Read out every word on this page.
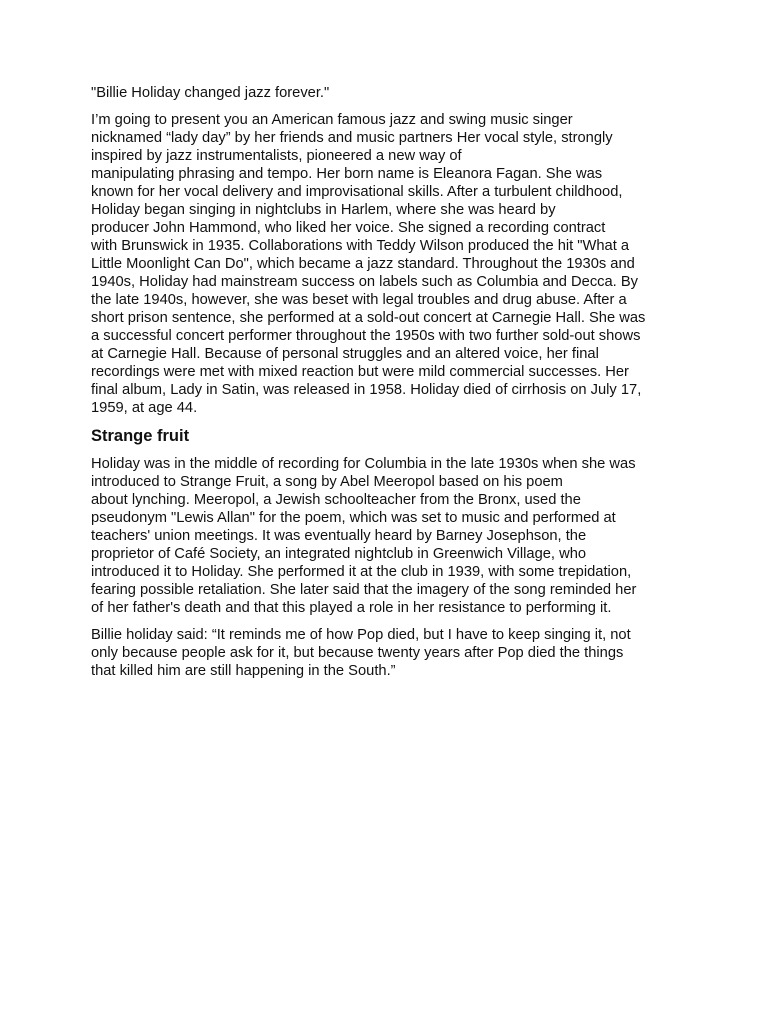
"Billie Holiday changed jazz forever."

I’m going to present you an American famous jazz and swing music singer
nicknamed “lady day” by her friends and music partners Her vocal style, strongly
inspired by jazz instrumentalists, pioneered a new way of
manipulating phrasing and tempo. Her born name is Eleanora Fagan. She was
known for her vocal delivery and improvisational skills. After a turbulent childhood,
Holiday began singing in nightclubs in Harlem, where she was heard by
producer John Hammond, who liked her voice. She signed a recording contract
with Brunswick in 1935. Collaborations with Teddy Wilson produced the hit "What a
Little Moonlight Can Do", which became a jazz standard. Throughout the 1930s and
1940s, Holiday had mainstream success on labels such as Columbia and Decca. By
the late 1940s, however, she was beset with legal troubles and drug abuse. After a
short prison sentence, she performed at a sold-out concert at Carnegie Hall. She was
a successful concert performer throughout the 1950s with two further sold-out shows
at Carnegie Hall. Because of personal struggles and an altered voice, her final
recordings were met with mixed reaction but were mild commercial successes. Her
final album, Lady in Satin, was released in 1958. Holiday died of cirrhosis on July 17,
1959, at age 44.

Strange fruit

Holiday was in the middle of recording for Columbia in the late 1930s when she was
introduced to Strange Fruit, a song by Abel Meeropol based on his poem
about lynching. Meeropol, a Jewish schoolteacher from the Bronx, used the
pseudonym "Lewis Allan" for the poem, which was set to music and performed at
teachers' union meetings. It was eventually heard by Barney Josephson, the
proprietor of Café Society, an integrated nightclub in Greenwich Village, who
introduced it to Holiday. She performed it at the club in 1939, with some trepidation,
fearing possible retaliation. She later said that the imagery of the song reminded her
of her father's death and that this played a role in her resistance to performing it.

Billie holiday said: “It reminds me of how Pop died, but I have to keep singing it, not
only because people ask for it, but because twenty years after Pop died the things
that killed him are still happening in the South.”
